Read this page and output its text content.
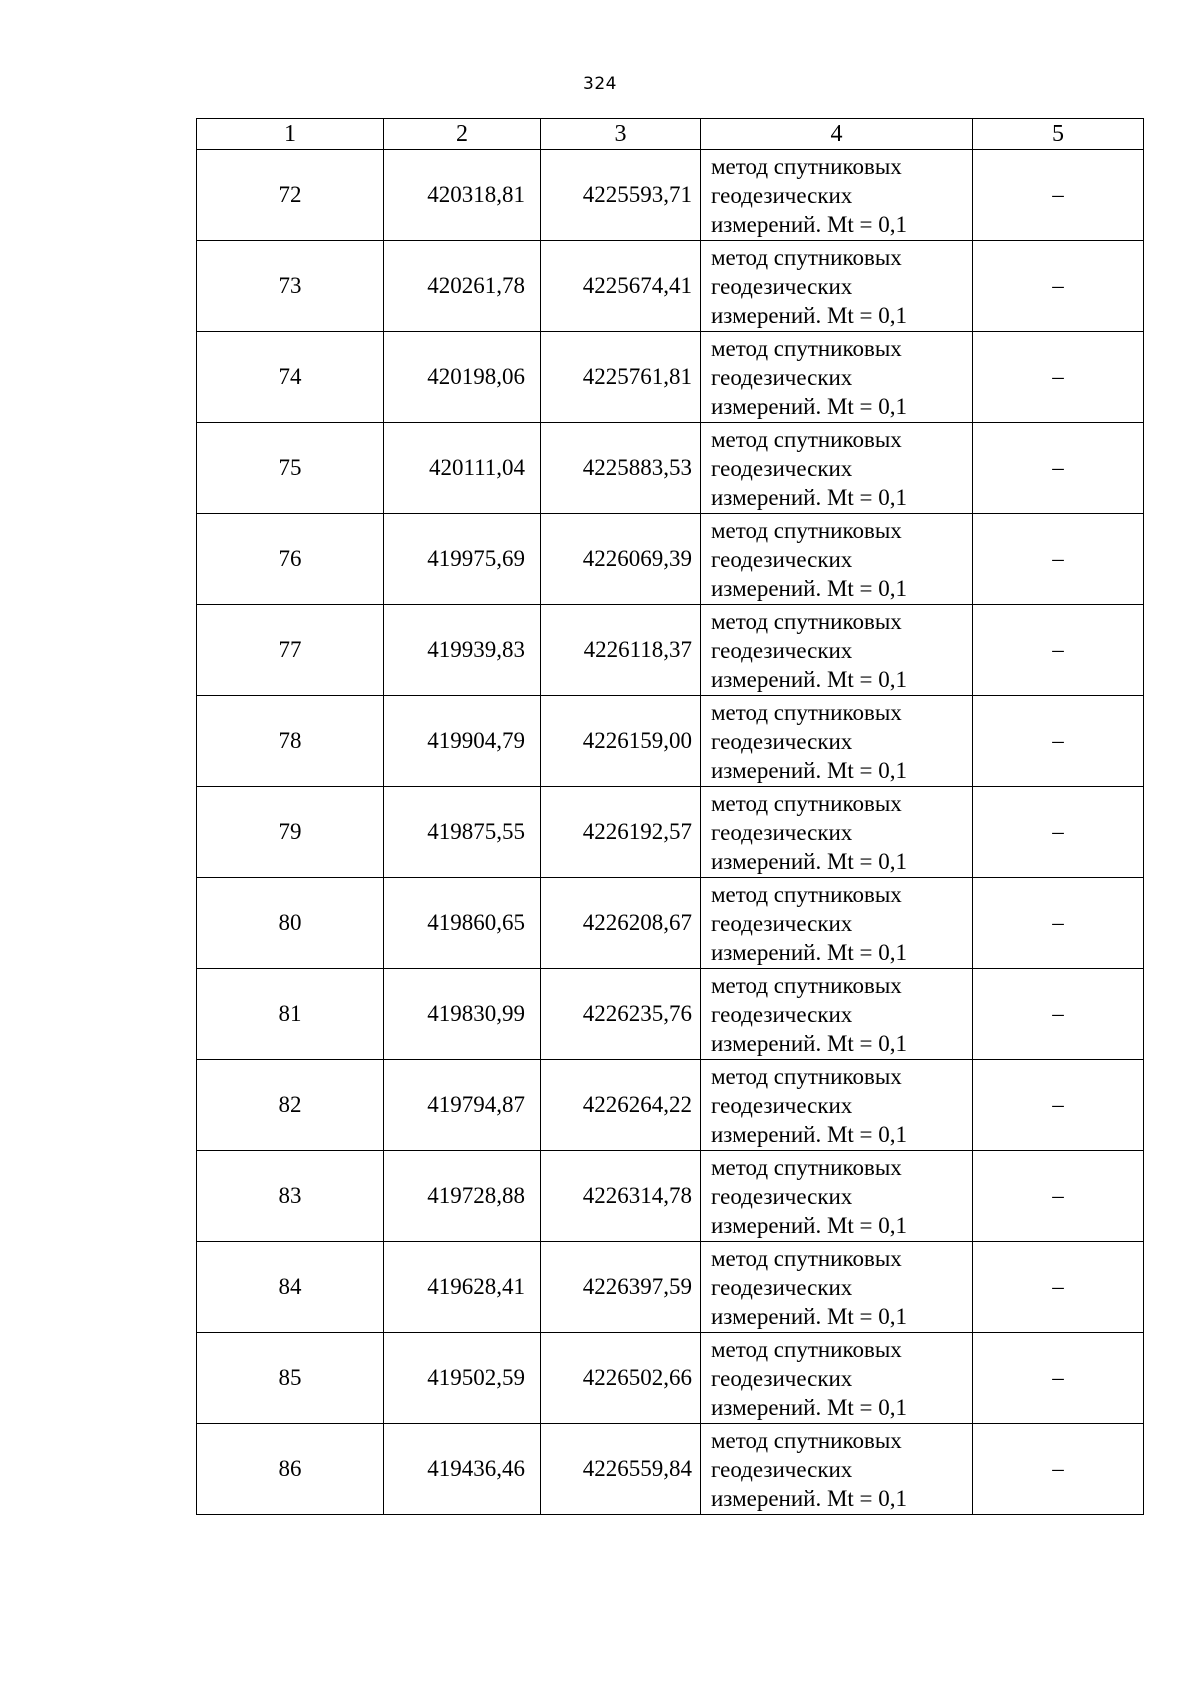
324
1	2	3	4	5
72	420318,81	4225593,71	метод спутниковых
геодезических
измерений. Mt = 0,1	–
73	420261,78	4225674,41	метод спутниковых
геодезических
измерений. Mt = 0,1	–
74	420198,06	4225761,81	метод спутниковых
геодезических
измерений. Mt = 0,1	–
75	420111,04	4225883,53	метод спутниковых
геодезических
измерений. Mt = 0,1	–
76	419975,69	4226069,39	метод спутниковых
геодезических
измерений. Mt = 0,1	–
77	419939,83	4226118,37	метод спутниковых
геодезических
измерений. Mt = 0,1	–
78	419904,79	4226159,00	метод спутниковых
геодезических
измерений. Mt = 0,1	–
79	419875,55	4226192,57	метод спутниковых
геодезических
измерений. Mt = 0,1	–
80	419860,65	4226208,67	метод спутниковых
геодезических
измерений. Mt = 0,1	–
81	419830,99	4226235,76	метод спутниковых
геодезических
измерений. Mt = 0,1	–
82	419794,87	4226264,22	метод спутниковых
геодезических
измерений. Mt = 0,1	–
83	419728,88	4226314,78	метод спутниковых
геодезических
измерений. Mt = 0,1	–
84	419628,41	4226397,59	метод спутниковых
геодезических
измерений. Mt = 0,1	–
85	419502,59	4226502,66	метод спутниковых
геодезических
измерений. Mt = 0,1	–
86	419436,46	4226559,84	метод спутниковых
геодезических
измерений. Mt = 0,1	–
